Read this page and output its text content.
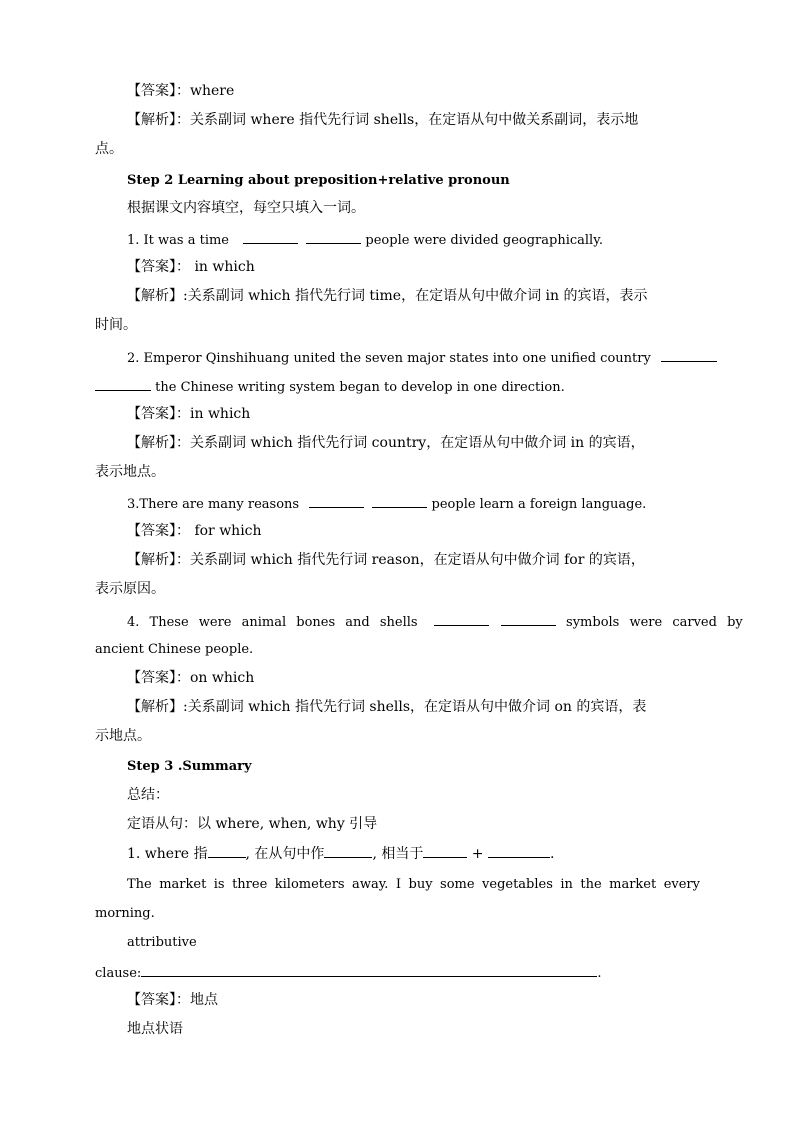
【答案】：where

【解析】：关系副词 where 指代先行词 shells，在定语从句中做关系副词，表示地

点。

Step 2 Learning about preposition+relative pronoun

根据课文内容填空，每空只填入一词。

1. It was a time	people were divided geographically.

【答案】： in which

【解析】:关系副词 which 指代先行词 time，在定语从句中做介词 in 的宾语，表示

时间。

2. Emperor Qinshihuang united the seven major states into one unified country

the Chinese writing system began to develop in one direction.

【答案】：in which

【解析】：关系副词 which 指代先行词 country，在定语从句中做介词 in 的宾语，

表示地点。

3.There are many reasons	people learn a foreign language.

【答案】： for which

【解析】：关系副词 which 指代先行词 reason，在定语从句中做介词 for 的宾语，

表示原因。

4. These were animal bones and shells	symbols were carved by

ancient Chinese people.

【答案】：on which

【解析】:关系副词 which 指代先行词 shells，在定语从句中做介词 on 的宾语，表

示地点。

Step 3 .Summary

总结：

定语从句：以 where, when, why 引导

1. where 指	, 在从句中作	, 相当于	+	.

The market is three kilometers away. I buy some vegetables in the market every

morning.

attributive

clause:	.

【答案】：地点

地点状语
